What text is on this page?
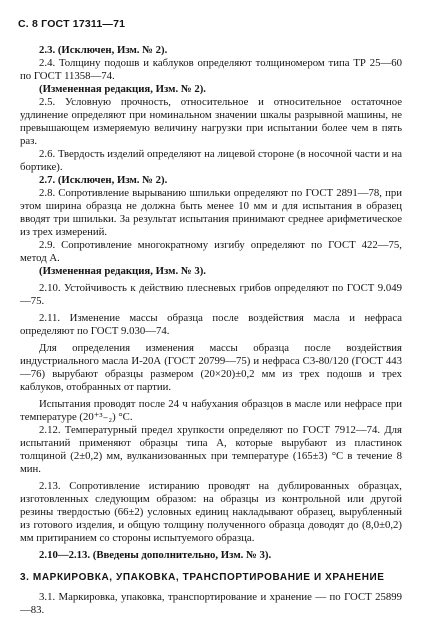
С. 8 ГОСТ 17311—71

2.3. (Исключен, Изм. № 2).

2.4. Толщину подошв и каблуков определяют толщиномером типа ТР 25—60 по ГОСТ 11358—74.

(Измененная редакция, Изм. № 2).

2.5. Условную прочность, относительное и относительное остаточное удлинение определяют при номинальном значении шкалы разрывной машины, не превышающем измеряемую величину нагрузки при испытании более чем в пять раз.

2.6. Твердость изделий определяют на лицевой стороне (в носочной части и на бортике).

2.7. (Исключен, Изм. № 2).

2.8. Сопротивление вырыванию шпильки определяют по ГОСТ 2891—78, при этом ширина образца не должна быть менее 10 мм и для испытания в образец вводят три шпильки. За результат испытания принимают среднее арифметическое из трех измерений.

2.9. Сопротивление многократному изгибу определяют по ГОСТ 422—75, метод А.

(Измененная редакция, Изм. № 3).

2.10. Устойчивость к действию плесневых грибов определяют по ГОСТ 9.049—75.

2.11. Изменение массы образца после воздействия масла и нефраса определяют по ГОСТ 9.030—74.

Для определения изменения массы образца после воздействия индустриального масла И-20А (ГОСТ 20799—75) и нефраса С3-80/120 (ГОСТ 443—76) вырубают образцы размером (20×20)±0,2 мм из трех подошв и трех каблуков, отобранных от партии.

Испытания проводят после 24 ч набухания образцов в масле или нефрасе при температуре (20⁺³₋₂) °С.

2.12. Температурный предел хрупкости определяют по ГОСТ 7912—74. Для испытаний применяют образцы типа А, которые вырубают из пластинок толщиной (2±0,2) мм, вулканизованных при температуре (165±3) °С в течение 8 мин.

2.13. Сопротивление истиранию проводят на дублированных образцах, изготовленных следующим образом: на образцы из контрольной или другой резины твердостью (66±2) условных единиц накладывают образец, вырубленный из готового изделия, и общую толщину полученного образца доводят до (8,0±0,2) мм притиранием со стороны испытуемого образца.

2.10—2.13. (Введены дополнительно, Изм. № 3).

3. МАРКИРОВКА, УПАКОВКА, ТРАНСПОРТИРОВАНИЕ И ХРАНЕНИЕ

3.1. Маркировка, упаковка, транспортирование и хранение — по ГОСТ 25899—83.
